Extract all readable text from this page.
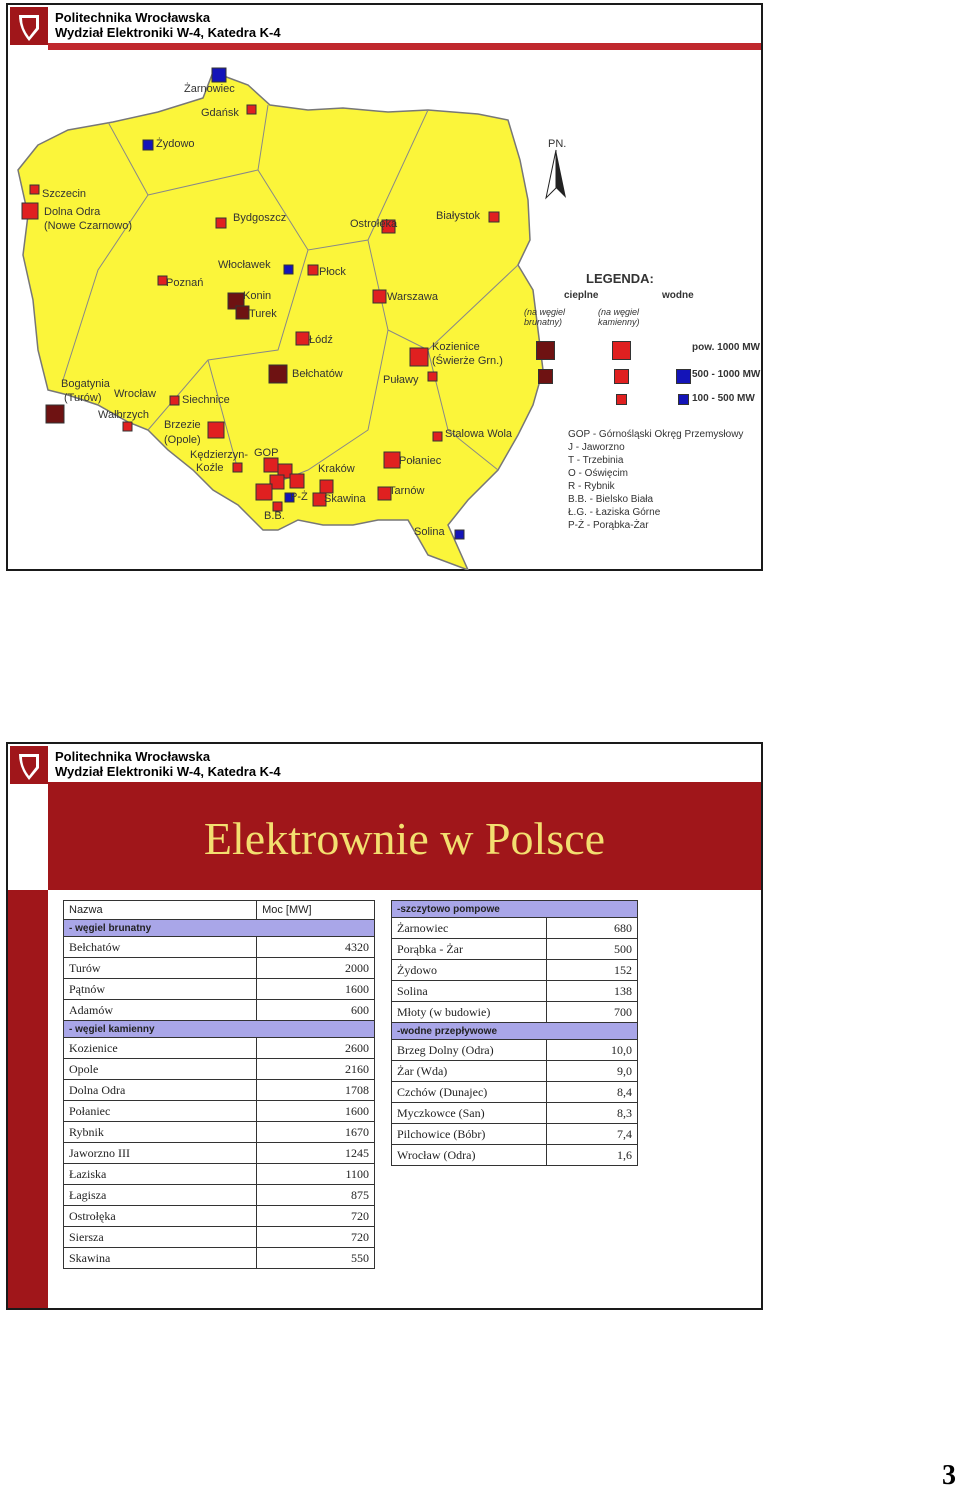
Politechnika Wrocławska
Wydział Elektroniki W-4, Katedra K-4
PN.
Żarnowiec
Gdańsk
Żydowo
Szczecin
Dolna Odra
(Nowe Czarnowo)
Bydgoszcz	Ostrołęka
Białystok
Włocławek
Płock
Poznań
Konin
Turek
Warszawa
Łódź
Kozienice
(Świerże Grn.)
Bełchatów	Puławy
Bogatynia
(Turów) Wrocław Siechnice
Wałbrzych
Brzezie
(Opole)	Stalowa Wola
Kędzierzyn-
Koźle
GOP
Kraków
Połaniec
Tarnów
P-Ż Skawina
B.B.
Solina
LEGENDA:
cieplne	wodne
(na węgiel brunatny)
(na węgiel kamienny)
pow. 1000 MW
500 - 1000 MW
100 - 500 MW
GOP - Górnośląski Okręg Przemysłowy
J - Jaworzno
T - Trzebinia
O - Oświęcim
R - Rybnik
B.B. - Bielsko Biała
Ł.G. - Łaziska Górne
P-Ż - Porąbka-Żar
Politechnika Wrocławska
Wydział Elektroniki W-4, Katedra K-4
Elektrownie w Polsce
Nazwa	Moc [MW]
- węgiel brunatny	
Bełchatów	4320
Turów	2000
Pątnów	1600
Adamów	600
- węgiel kamienny	
Kozienice	2600
Opole	2160
Dolna Odra	1708
Połaniec	1600
Rybnik	1670
Jaworzno III	1245
Łaziska	1100
Łagisza	875
Ostrołęka	720
Siersza	720
Skawina	550
-szczytowo pompowe	
Żarnowiec	680
Porąbka - Żar	500
Żydowo	152
Solina	138
Młoty (w budowie)	700
-wodne przepływowe	
Brzeg Dolny (Odra)	10,0
Żar (Wda)	9,0
Czchów (Dunajec)	8,4
Myczkowce (San)	8,3
Pilchowice (Bóbr)	7,4
Wrocław (Odra)	1,6
3
